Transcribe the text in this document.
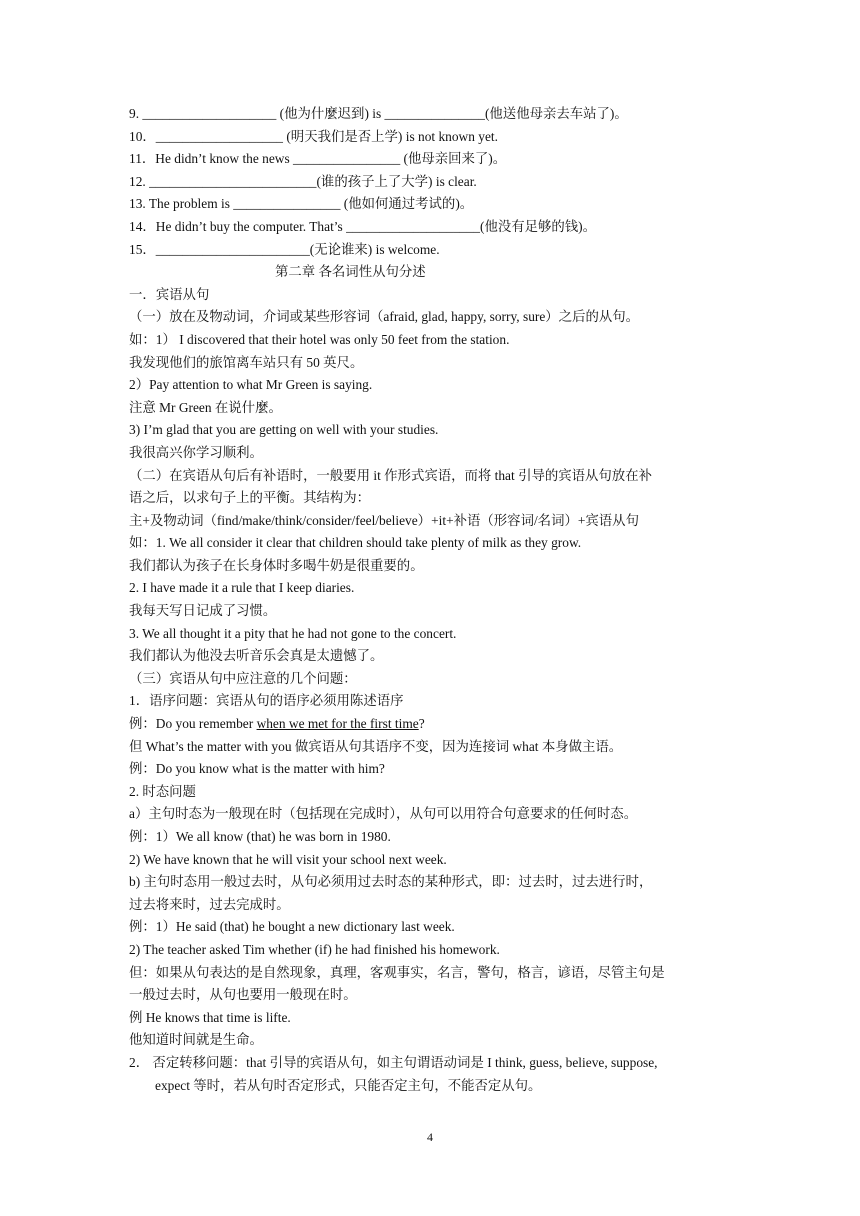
9. ____________________ (他为什麼迟到) is _______________(他送他母亲去车站了)。
10．___________________ (明天我们是否上学) is not known yet.
11．He didn’t know the news ________________ (他母亲回来了)。
12. _________________________(谁的孩子上了大学) is clear.
13. The problem is ________________ (他如何通过考试的)。
14．He didn’t buy the computer. That’s ____________________(他没有足够的钱)。
15．_______________________(无论谁来) is welcome.
第二章 各名词性从句分述
一．宾语从句
（一）放在及物动词，介词或某些形容词（afraid, glad, happy, sorry, sure）之后的从句。
如：1） I discovered that their hotel was only 50 feet from the station.
我发现他们的旅馆离车站只有 50 英尺。
2）Pay attention to what Mr Green is saying.
注意 Mr Green 在说什麼。
3) I’m glad that you are getting on well with your studies.
我很高兴你学习顺利。
（二）在宾语从句后有补语时，一般要用 it 作形式宾语，而将 that 引导的宾语从句放在补
语之后，以求句子上的平衡。其结构为：
主+及物动词（find/make/think/consider/feel/believe）+it+补语（形容词/名词）+宾语从句
如：1. We all consider it clear that children should take plenty of milk as they grow.
我们都认为孩子在长身体时多喝牛奶是很重要的。
2. I have made it a rule that I keep diaries.
我每天写日记成了习惯。
3. We all thought it a pity that he had not gone to the concert.
我们都认为他没去听音乐会真是太遗憾了。
（三）宾语从句中应注意的几个问题：
1．语序问题：宾语从句的语序必须用陈述语序
例：Do you remember when we met for the first time?
但 What’s the matter with you 做宾语从句其语序不变，因为连接词 what 本身做主语。
例：Do you know what is the matter with him?
2. 时态问题
a）主句时态为一般现在时（包括现在完成时），从句可以用符合句意要求的任何时态。
例：1）We all know (that) he was born in 1980.
2) We have known that he will visit your school next week.
b) 主句时态用一般过去时，从句必须用过去时态的某种形式，即：过去时，过去进行时，
过去将来时，过去完成时。
例：1）He said (that) he bought a new dictionary last week.
2) The teacher asked Tim whether (if) he had finished his homework.
但：如果从句表达的是自然现象，真理，客观事实，名言，警句，格言，谚语，尽管主句是
一般过去时，从句也要用一般现在时。
例 He knows that time is lifte.
他知道时间就是生命。
2． 否定转移问题：that 引导的宾语从句，如主句谓语动词是 I think, guess, believe, suppose,
expect 等时，若从句时否定形式，只能否定主句，不能否定从句。
4
